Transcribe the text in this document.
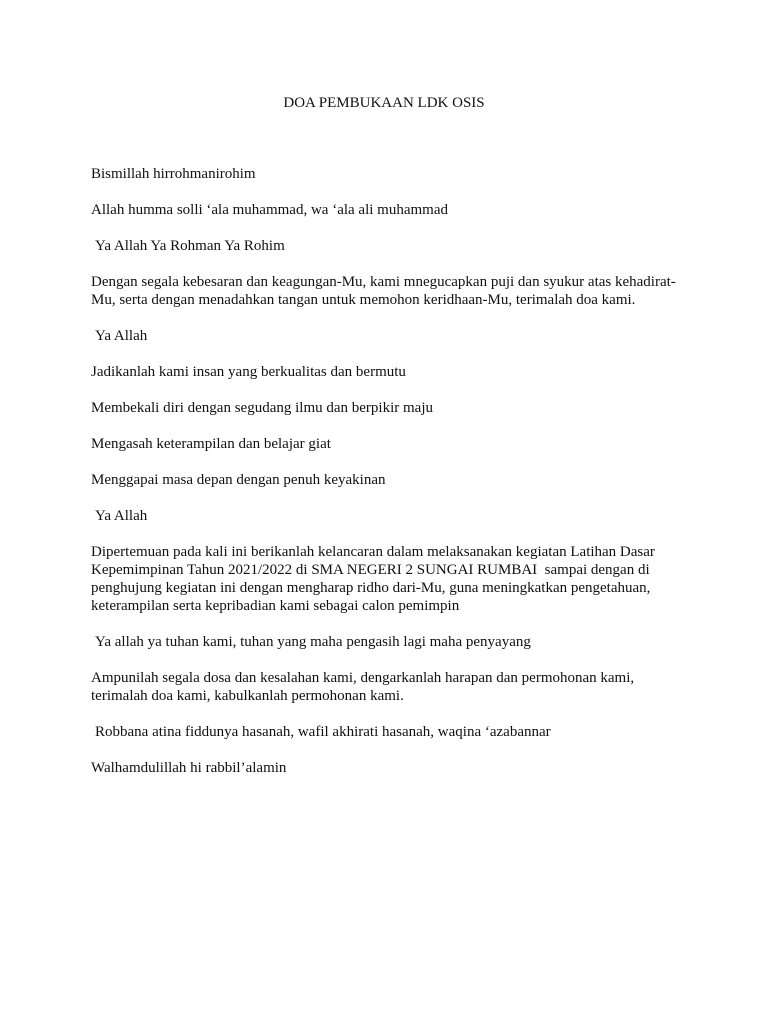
DOA PEMBUKAAN LDK OSIS

Bismillah hirrohmanirohim

Allah humma solli ‘ala muhammad, wa ‘ala ali muhammad

Ya Allah Ya Rohman Ya Rohim

Dengan segala kebesaran dan keagungan-Mu, kami mnegucapkan puji dan syukur atas kehadirat-
Mu, serta dengan menadahkan tangan untuk memohon keridhaan-Mu, terimalah doa kami.

Ya Allah

Jadikanlah kami insan yang berkualitas dan bermutu

Membekali diri dengan segudang ilmu dan berpikir maju

Mengasah keterampilan dan belajar giat

Menggapai masa depan dengan penuh keyakinan

Ya Allah

Dipertemuan pada kali ini berikanlah kelancaran dalam melaksanakan kegiatan Latihan Dasar
Kepemimpinan Tahun 2021/2022 di SMA NEGERI 2 SUNGAI RUMBAI  sampai dengan di
penghujung kegiatan ini dengan mengharap ridho dari-Mu, guna meningkatkan pengetahuan,
keterampilan serta kepribadian kami sebagai calon pemimpin

Ya allah ya tuhan kami, tuhan yang maha pengasih lagi maha penyayang

Ampunilah segala dosa dan kesalahan kami, dengarkanlah harapan dan permohonan kami,
terimalah doa kami, kabulkanlah permohonan kami.

Robbana atina fiddunya hasanah, wafil akhirati hasanah, waqina ‘azabannar

Walhamdulillah hi rabbil’alamin
